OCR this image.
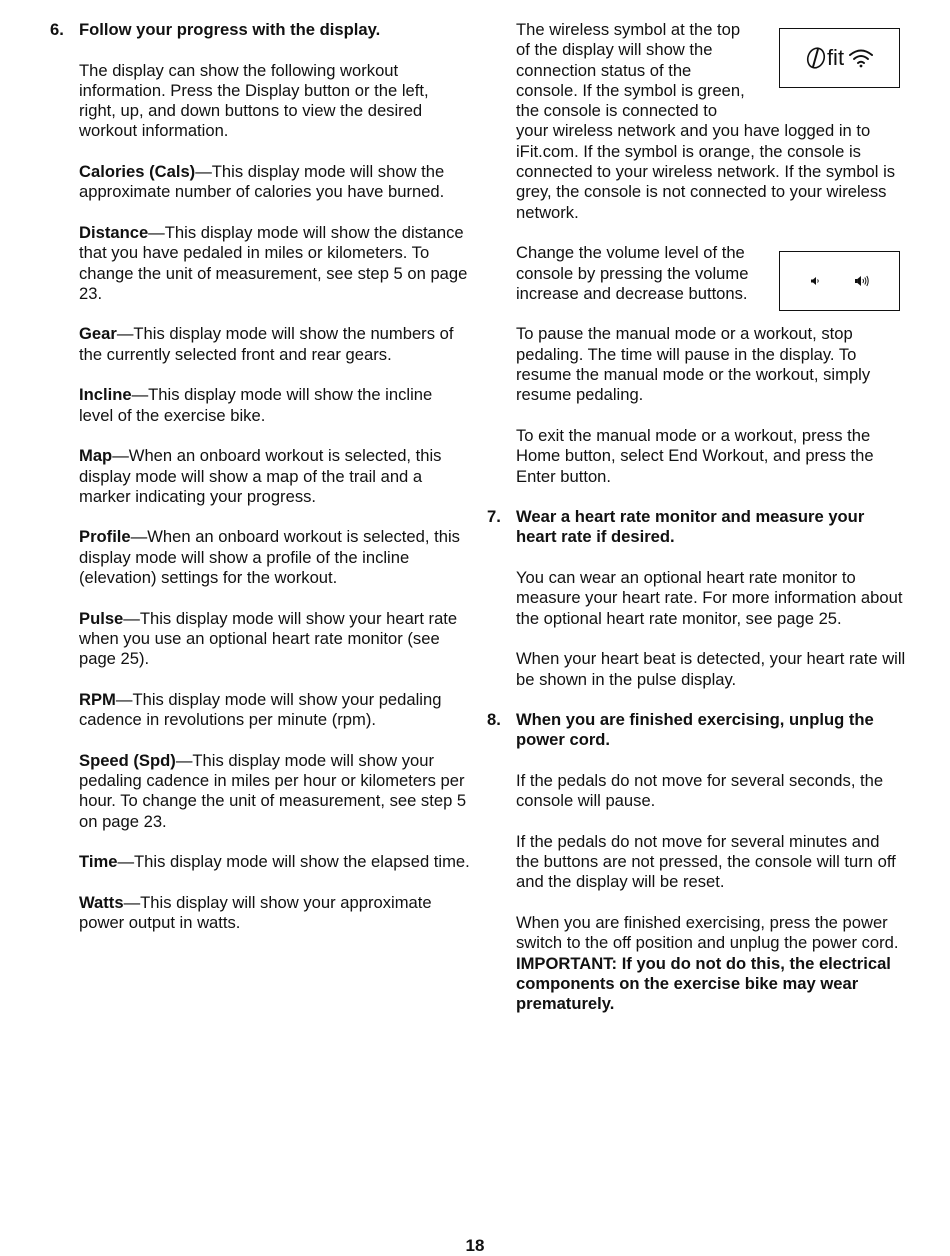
6. Follow your progress with the display.

The display can show the following workout information. Press the Display button or the left, right, up, and down buttons to view the desired workout information.

Calories (Cals)—This display mode will show the approximate number of calories you have burned.

Distance—This display mode will show the distance that you have pedaled in miles or kilometers. To change the unit of measurement, see step 5 on page 23.

Gear—This display mode will show the numbers of the currently selected front and rear gears.

Incline—This display mode will show the incline level of the exercise bike.

Map—When an onboard workout is selected, this display mode will show a map of the trail and a marker indicating your progress.

Profile—When an onboard workout is selected, this display mode will show a profile of the incline (elevation) settings for the workout.

Pulse—This display mode will show your heart rate when you use an optional heart rate monitor (see page 25).

RPM—This display mode will show your pedaling cadence in revolutions per minute (rpm).

Speed (Spd)—This display mode will show your pedaling cadence in miles per hour or kilometers per hour. To change the unit of measurement, see step 5 on page 23.

Time—This display mode will show the elapsed time.

Watts—This display will show your approximate power output in watts.

The wireless symbol at the top of the display will show the connection status of the console. If the symbol is green, the console is connected to

your wireless network and you have logged in to iFit.com. If the symbol is orange, the console is connected to your wireless network. If the symbol is grey, the console is not connected to your wireless network.

Change the volume level of the console by pressing the volume increase and decrease buttons.

To pause the manual mode or a workout, stop pedaling. The time will pause in the display. To resume the manual mode or the workout, simply resume pedaling.

To exit the manual mode or a workout, press the Home button, select End Workout, and press the Enter button.

7. Wear a heart rate monitor and measure your heart rate if desired.

You can wear an optional heart rate monitor to measure your heart rate. For more information about the optional heart rate monitor, see page 25.

When your heart beat is detected, your heart rate will be shown in the pulse display.

8. When you are finished exercising, unplug the power cord.

If the pedals do not move for several seconds, the console will pause.

If the pedals do not move for several minutes and the buttons are not pressed, the console will turn off and the display will be reset.

When you are finished exercising, press the power switch to the off position and unplug the power cord. IMPORTANT: If you do not do this, the electrical components on the exercise bike may wear prematurely.

fit
18
